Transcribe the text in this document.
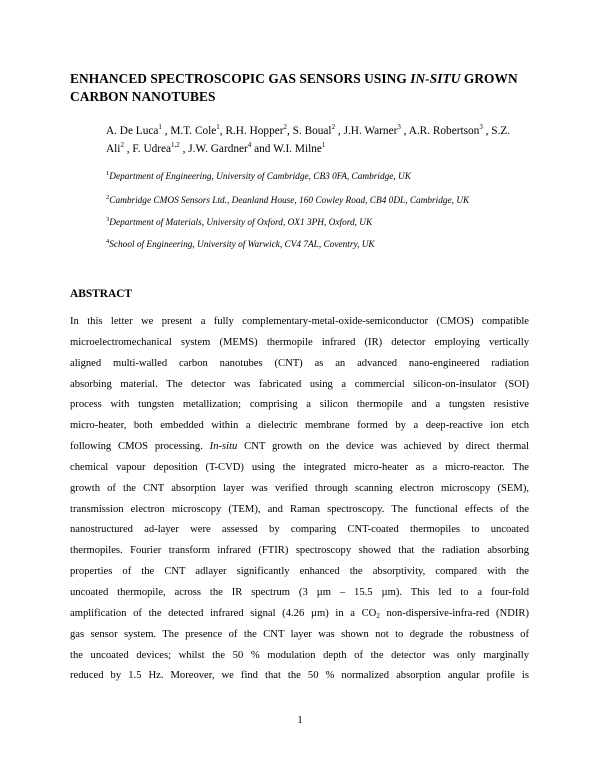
ENHANCED SPECTROSCOPIC GAS SENSORS USING IN-SITU GROWN
CARBON NANOTUBES
A. De Luca$^1$ , M.T. Cole$^1$, R.H. Hopper$^2$, S. Boual$^2$ , J.H. Warner$^3$ , A.R. Robertson$^3$ , S.Z. Ali$^2$ , F. Udrea$^{1,2}$ , J.W. Gardner$^4$ and W.I. Milne$^1$
$^1$Department of Engineering, University of Cambridge, CB3 0FA, Cambridge, UK
$^2$Cambridge CMOS Sensors Ltd., Deanland House, 160 Cowley Road, CB4 0DL, Cambridge, UK
$^3$Department of Materials, University of Oxford, OX1 3PH, Oxford, UK
$^4$School of Engineering, University of Warwick, CV4 7AL, Coventry, UK
ABSTRACT
In this letter we present a fully complementary-metal-oxide-semiconductor (CMOS) compatible
microelectromechanical system (MEMS) thermopile infrared (IR) detector employing vertically
aligned multi-walled carbon nanotubes (CNT) as an advanced nano-engineered radiation
absorbing material. The detector was fabricated using a commercial silicon-on-insulator (SOI)
process with tungsten metallization; comprising a silicon thermopile and a tungsten resistive
micro-heater, both embedded within a dielectric membrane formed by a deep-reactive ion etch
following CMOS processing. In-situ CNT growth on the device was achieved by direct thermal
chemical vapour deposition (T-CVD) using the integrated micro-heater as a micro-reactor. The
growth of the CNT absorption layer was verified through scanning electron microscopy (SEM),
transmission electron microscopy (TEM), and Raman spectroscopy. The functional effects of the
nanostructured ad-layer were assessed by comparing CNT-coated thermopiles to uncoated
thermopiles. Fourier transform infrared (FTIR) spectroscopy showed that the radiation absorbing
properties of the CNT adlayer significantly enhanced the absorptivity, compared with the
uncoated thermopile, across the IR spectrum (3 µm – 15.5 µm). This led to a four-fold
amplification of the detected infrared signal (4.26 µm) in a $CO_2$ non-dispersive-infra-red (NDIR)
gas sensor system. The presence of the CNT layer was shown not to degrade the robustness of
the uncoated devices; whilst the 50 % modulation depth of the detector was only marginally
reduced by 1.5 Hz. Moreover, we find that the 50 % normalized absorption angular profile is
1
